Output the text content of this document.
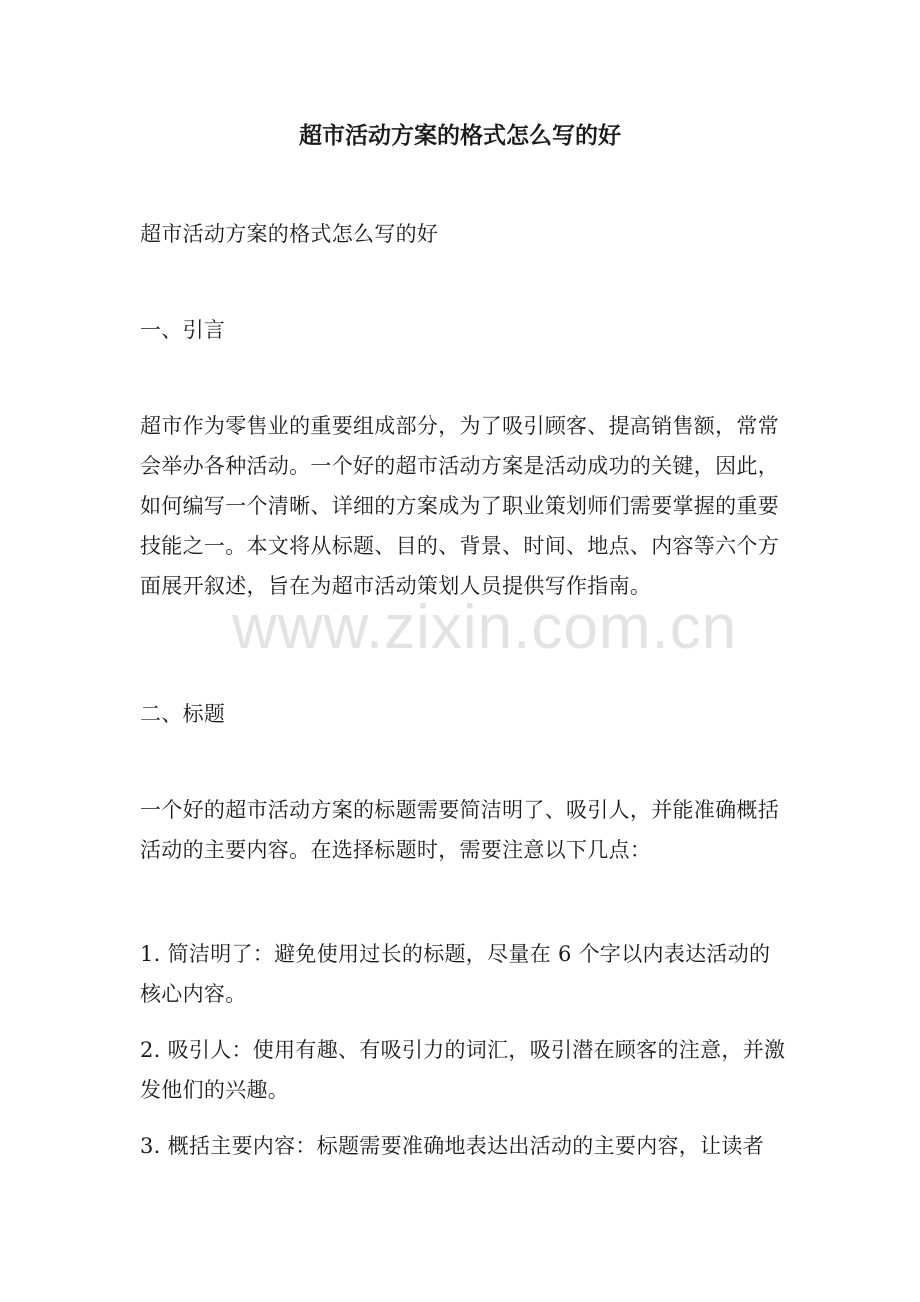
www.zixin.com.cn
超市活动方案的格式怎么写的好

超市活动方案的格式怎么写的好

一、引言

超市作为零售业的重要组成部分，为了吸引顾客、提高销售额，常常会举办各种活动。一个好的超市活动方案是活动成功的关键，因此，如何编写一个清晰、详细的方案成为了职业策划师们需要掌握的重要技能之一。本文将从标题、目的、背景、时间、地点、内容等六个方面展开叙述，旨在为超市活动策划人员提供写作指南。

二、标题

一个好的超市活动方案的标题需要简洁明了、吸引人，并能准确概括活动的主要内容。在选择标题时，需要注意以下几点：

1. 简洁明了：避免使用过长的标题，尽量在 6 个字以内表达活动的核心内容。

2. 吸引人：使用有趣、有吸引力的词汇，吸引潜在顾客的注意，并激发他们的兴趣。

3. 概括主要内容：标题需要准确地表达出活动的主要内容，让读者
